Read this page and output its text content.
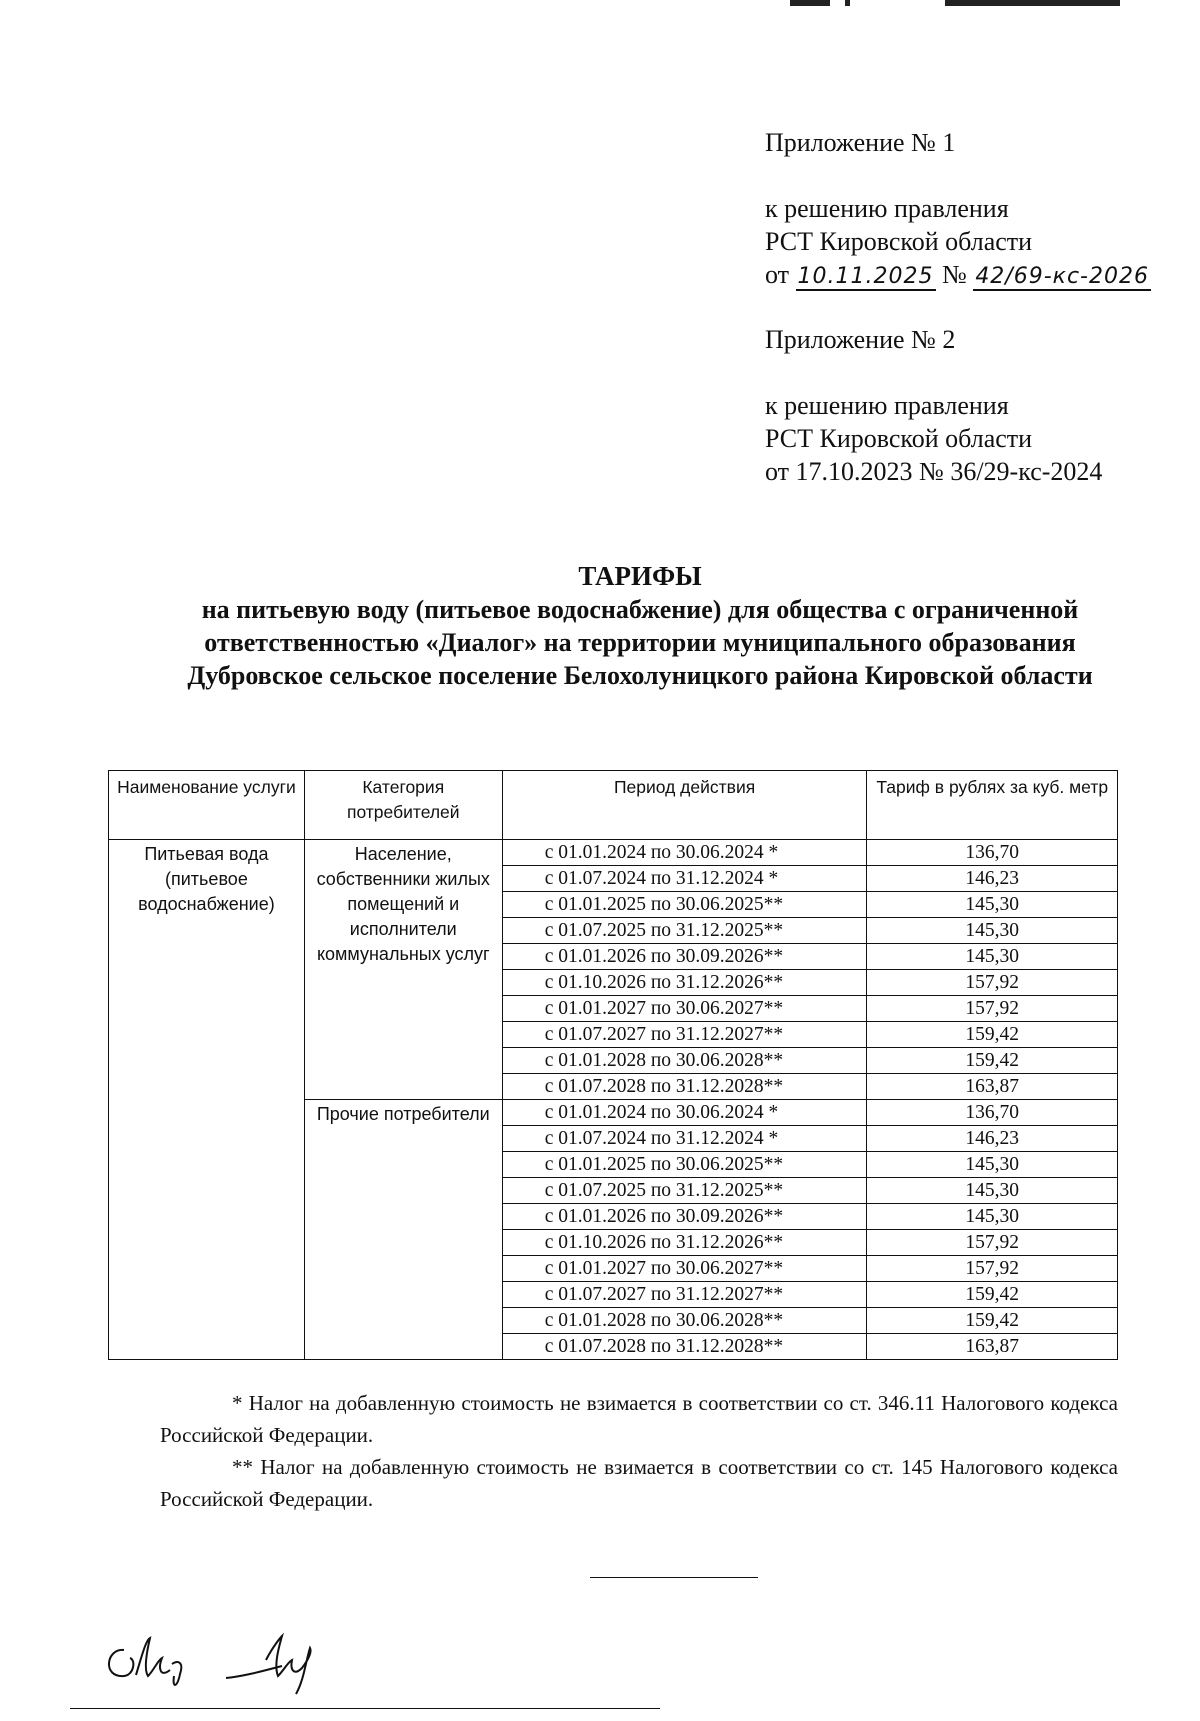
Приложение № 1
к решению правления
РСТ Кировской области
от 10.11.2025 № 42/69-кс-2026
Приложение № 2
к решению правления
РСТ Кировской области
от 17.10.2023 № 36/29-кс-2024
ТАРИФЫ
на питьевую воду (питьевое водоснабжение) для общества с ограниченной ответственностью «Диалог» на территории муниципального образования Дубровское сельское поселение Белохолуницкого района Кировской области
Наименование услуги	Категория потребителей	Период действия	Тариф в рублях за куб. метр
Питьевая вода (питьевое водоснабжение)	Население, собственники жилых помещений и исполнители коммунальных услуг	с 01.01.2024 по 30.06.2024 *	136,70
		с 01.07.2024 по 31.12.2024 *	146,23
		с 01.01.2025 по 30.06.2025**	145,30
		с 01.07.2025 по 31.12.2025**	145,30
		с 01.01.2026 по 30.09.2026**	145,30
		с 01.10.2026 по 31.12.2026**	157,92
		с 01.01.2027 по 30.06.2027**	157,92
		с 01.07.2027 по 31.12.2027**	159,42
		с 01.01.2028 по 30.06.2028**	159,42
		с 01.07.2028 по 31.12.2028**	163,87
	Прочие потребители	с 01.01.2024 по 30.06.2024 *	136,70
		с 01.07.2024 по 31.12.2024 *	146,23
		с 01.01.2025 по 30.06.2025**	145,30
		с 01.07.2025 по 31.12.2025**	145,30
		с 01.01.2026 по 30.09.2026**	145,30
		с 01.10.2026 по 31.12.2026**	157,92
		с 01.01.2027 по 30.06.2027**	157,92
		с 01.07.2027 по 31.12.2027**	159,42
		с 01.01.2028 по 30.06.2028**	159,42
		с 01.07.2028 по 31.12.2028**	163,87

* Налог на добавленную стоимость не взимается в соответствии со ст. 346.11 Налогового кодекса Российской Федерации.

** Налог на добавленную стоимость не взимается в соответствии со ст. 145 Налогового кодекса Российской Федерации.
